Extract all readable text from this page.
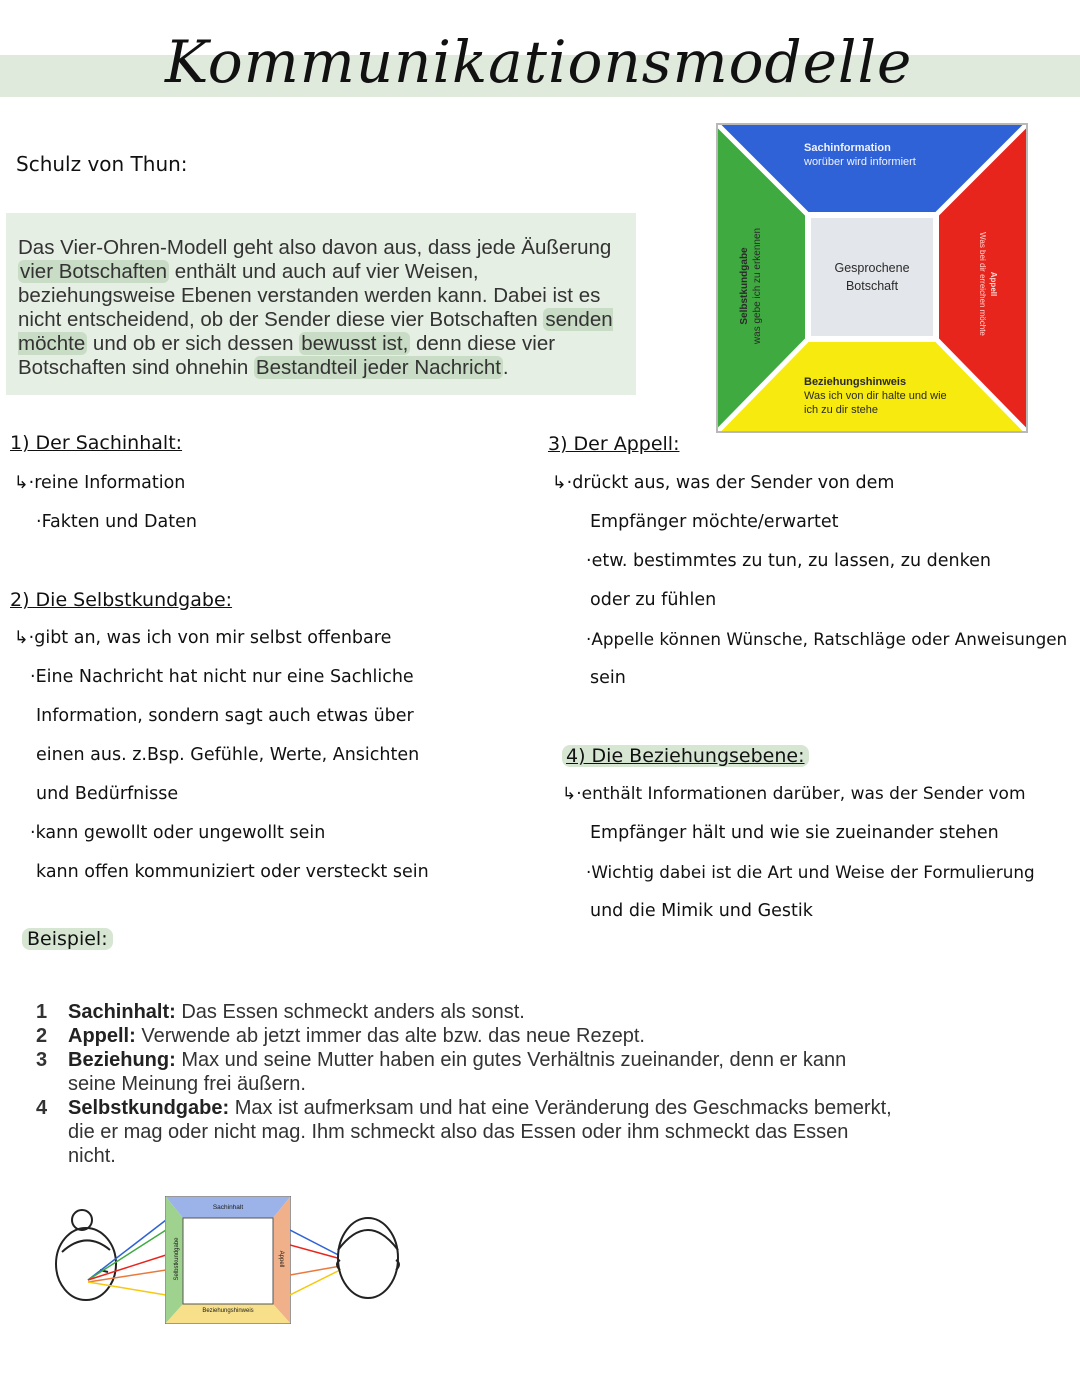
Kommunikationsmodelle
Schulz von Thun:
Das Vier-Ohren-Modell geht also davon aus, dass jede Äußerung vier Botschaften enthält und auch auf vier Weisen, beziehungsweise Ebenen verstanden werden kann. Dabei ist es nicht entscheidend, ob der Sender diese vier Botschaften senden möchte und ob er sich dessen bewusst ist, denn diese vier Botschaften sind ohnehin Bestandteil jeder Nachricht.
Sachinformation
worüber wird informiert
Gesprochene
Botschaft
Selbstkundgabe was gebe ich zu erkennen	Appell
Was bei dir erreichen möchte
Beziehungshinweis
Was ich von dir halte und wie
ich zu dir stehe
1) Der Sachinhalt:
↳·reine Information
·Fakten und Daten
2) Die Selbstkundgabe:
↳·gibt an, was ich von mir selbst offenbare
·Eine Nachricht hat nicht nur eine Sachliche
Information, sondern sagt auch etwas über
einen aus. z.Bsp. Gefühle, Werte, Ansichten
und Bedürfnisse
·kann gewollt oder ungewollt sein
kann offen kommuniziert oder versteckt sein
3) Der Appell:
↳·drückt aus, was der Sender von dem
Empfänger möchte/erwartet
·etw. bestimmtes zu tun, zu lassen, zu denken
oder zu fühlen
·Appelle können Wünsche, Ratschläge oder Anweisungen
sein
4) Die Beziehungsebene:
↳·enthält Informationen darüber, was der Sender vom
Empfänger hält und wie sie zueinander stehen
·Wichtig dabei ist die Art und Weise der Formulierung
und die Mimik und Gestik
Beispiel:
1	Sachinhalt: Das Essen schmeckt anders als sonst.
2	Appell: Verwende ab jetzt immer das alte bzw. das neue Rezept.
3	Beziehung: Max und seine Mutter haben ein gutes Verhältnis zueinander, denn er kann seine Meinung frei äußern.
4	Selbstkundgabe: Max ist aufmerksam und hat eine Veränderung des Geschmacks bemerkt, die er mag oder nicht mag. Ihm schmeckt also das Essen oder ihm schmeckt das Essen nicht.
Sachinhalt
Selbstkundgabe	Appell
Beziehungshinweis
